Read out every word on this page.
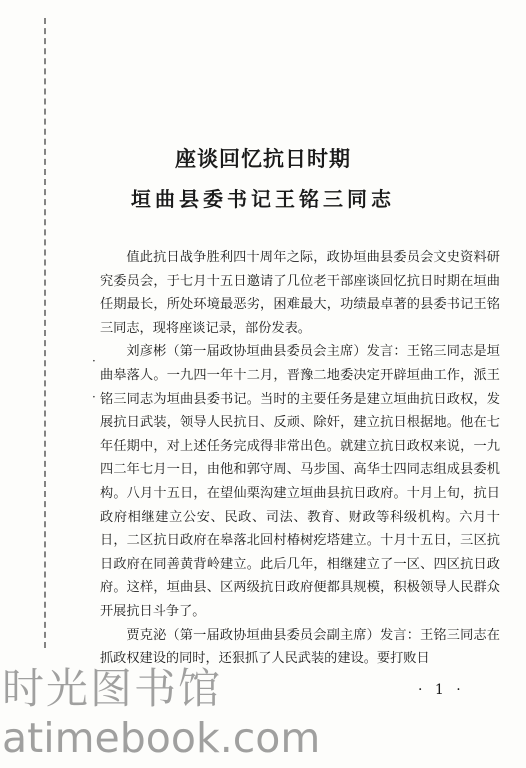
·
·
座谈回忆抗日时期
垣曲县委书记王铭三同志

值此抗日战争胜利四十周年之际，政协垣曲县委员会文史资料研究委员会，于七月十五日邀请了几位老干部座谈回忆抗日时期在垣曲任期最长，所处环境最恶劣，困难最大，功绩最卓著的县委书记王铭三同志，现将座谈记录，部份发表。

刘彦彬（第一届政协垣曲县委员会主席）发言：王铭三同志是垣曲皋落人。一九四一年十二月，晋豫二地委决定开辟垣曲工作，派王铭三同志为垣曲县委书记。当时的主要任务是建立垣曲抗日政权，发展抗日武装，领导人民抗日、反顽、除奸，建立抗日根据地。他在七年任期中，对上述任务完成得非常出色。就建立抗日政权来说，一九四二年七月一日，由他和郭守周、马步国、高华士四同志组成县委机构。八月十五日，在望仙栗沟建立垣曲县抗日政府。十月上旬，抗日政府相继建立公安、民政、司法、教育、财政等科级机构。六月十日，二区抗日政府在皋落北回村椿树疙塔建立。十月十五日，三区抗日政府在同善黄背岭建立。此后几年，相继建立了一区、四区抗日政府。这样，垣曲县、区两级抗日政府便都具规模，积极领导人民群众开展抗日斗争了。

贾克泌（第一届政协垣曲县委员会副主席）发言：王铭三同志在抓政权建设的同时，还狠抓了人民武装的建设。要打败日

· 1 ·
时光图书馆
atimebook.com
